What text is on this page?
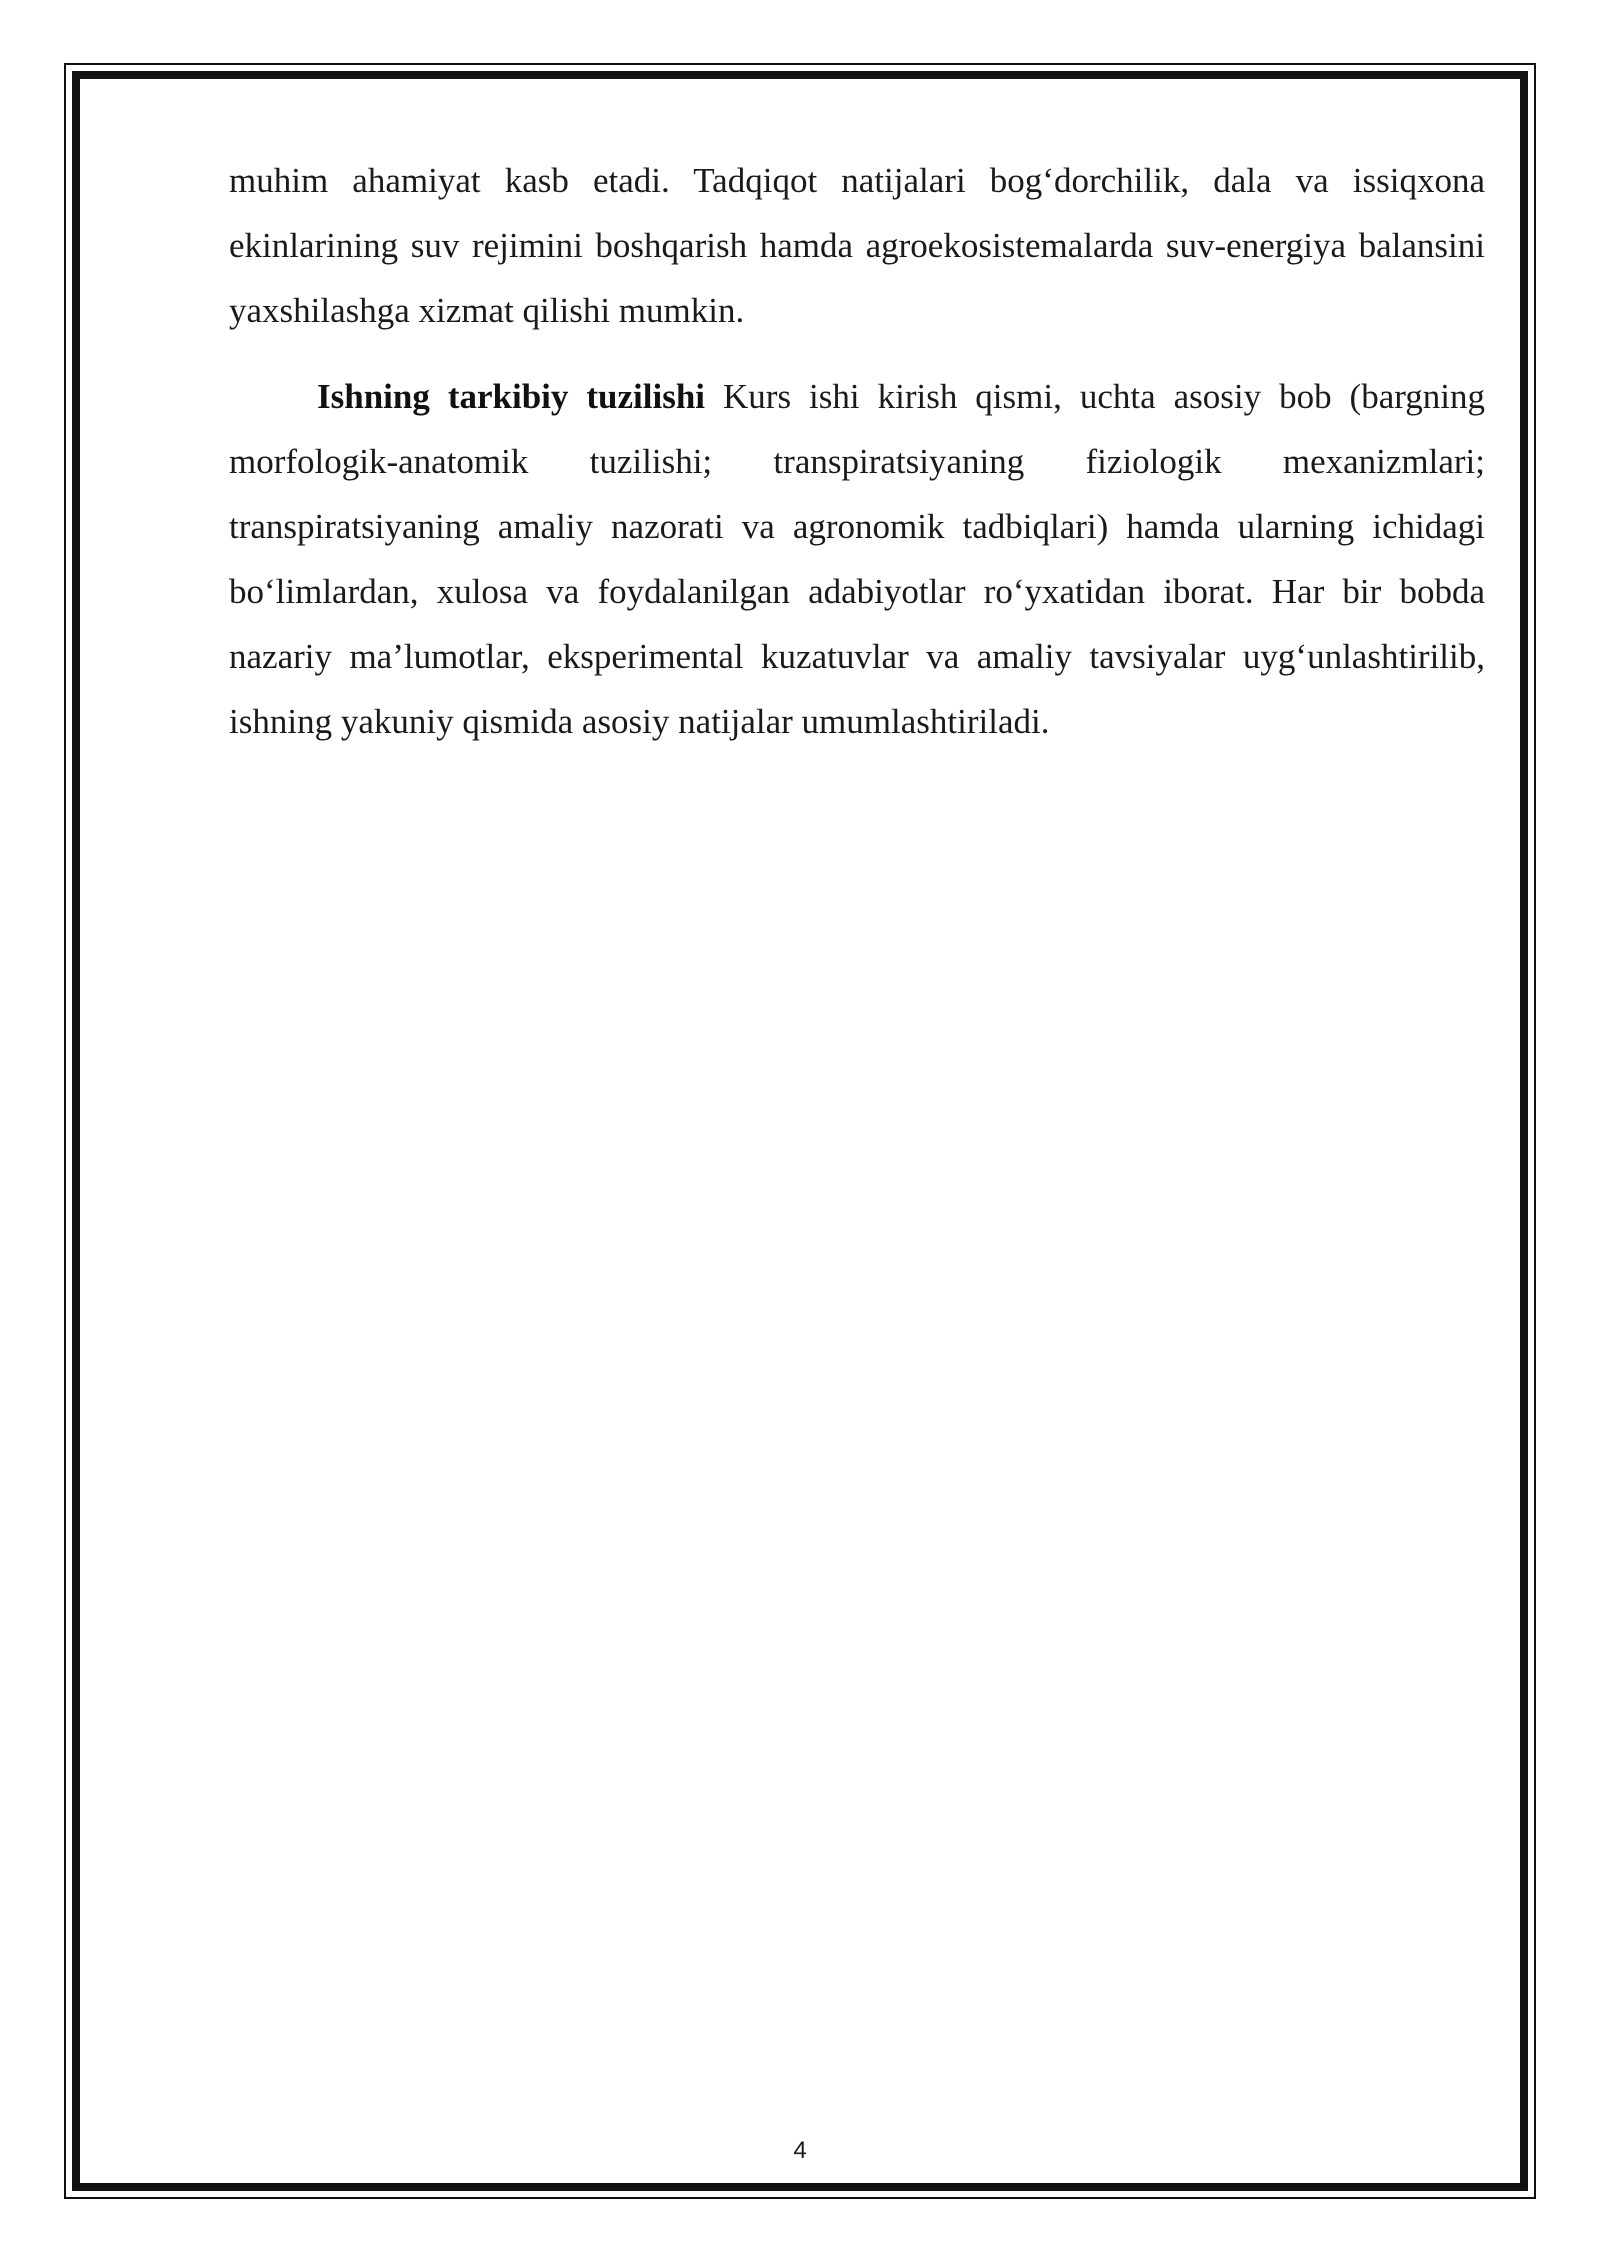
muhim ahamiyat kasb etadi. Tadqiqot natijalari bog‘dorchilik, dala va issiqxona ekinlarining suv rejimini boshqarish hamda agroekosistemalarda suv-energiya balansini yaxshilashga xizmat qilishi mumkin.

Ishning tarkibiy tuzilishi Kurs ishi kirish qismi, uchta asosiy bob (bargning morfologik-anatomik tuzilishi; transpiratsiyaning fiziologik mexanizmlari; transpiratsiyaning amaliy nazorati va agronomik tadbiqlari) hamda ularning ichidagi bo‘limlardan, xulosa va foydalanilgan adabiyotlar ro‘yxatidan iborat. Har bir bobda nazariy ma’lumotlar, eksperimental kuzatuvlar va amaliy tavsiyalar uyg‘unlashtirilib, ishning yakuniy qismida asosiy natijalar umumlashtiriladi.

4
